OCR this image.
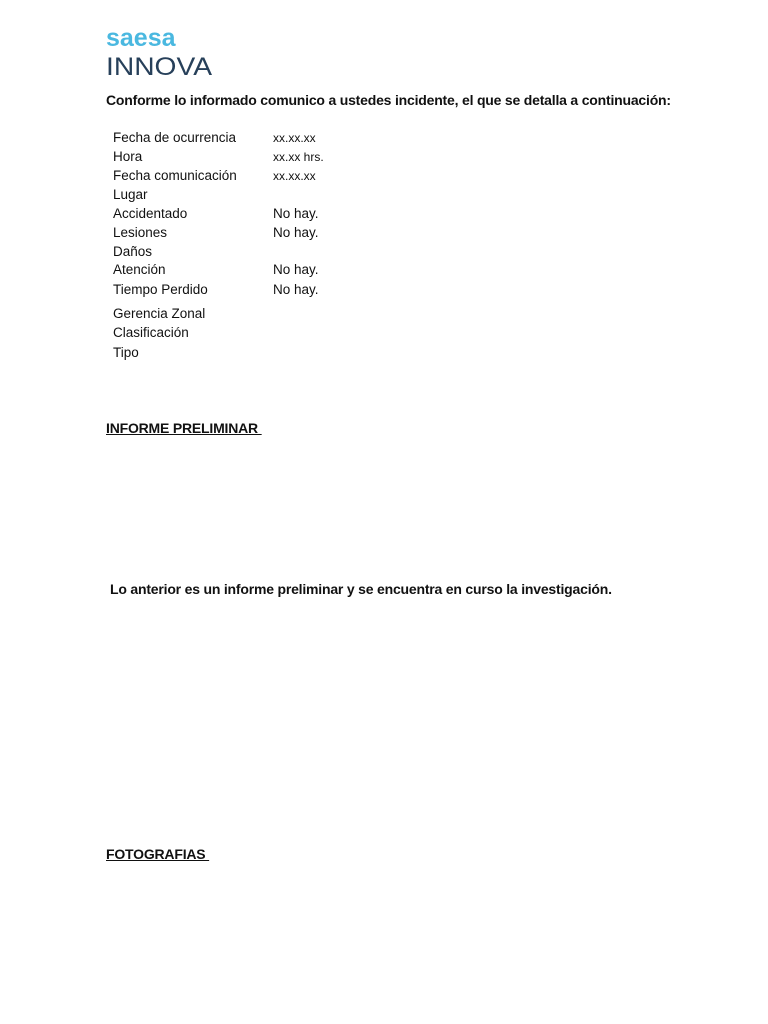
saesa
INNOVA
Conforme lo informado comunico a ustedes incidente, el que se detalla a continuación:
Fecha de ocurrencia	xx.xx.xx
Hora	xx.xx hrs.
Fecha comunicación	xx.xx.xx
Lugar
Accidentado	No hay.
Lesiones	No hay.
Daños
Atención	No hay.
Tiempo Perdido	No hay.
Gerencia Zonal
Clasificación
Tipo
INFORME PRELIMINAR
Lo anterior es un informe preliminar y se encuentra en curso la investigación.
FOTOGRAFIAS
